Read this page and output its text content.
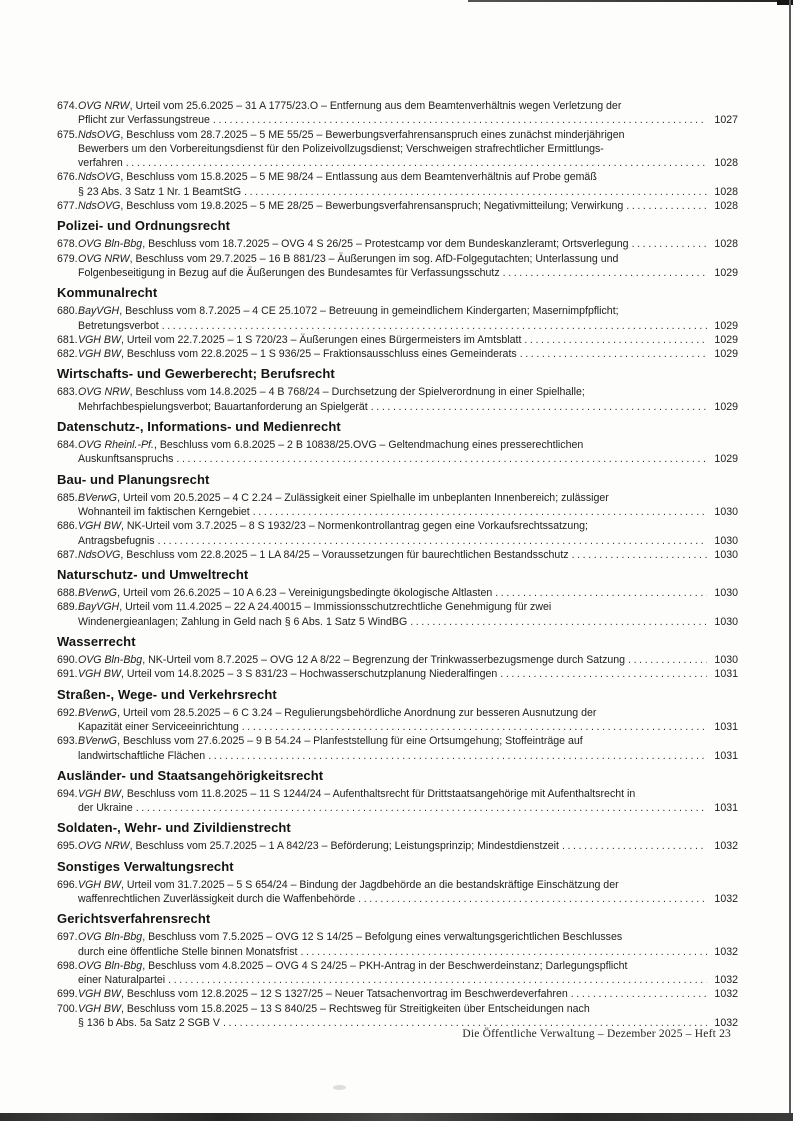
674. OVG NRW , Urteil vom 25.6.2025 – 31 A 1775/23.O – Entfernung aus dem Beamtenverhältnis wegen Verletzung der
Pflicht zur Verfassungstreue .....	1027
675. NdsOVG , Beschluss vom 28.7.2025 – 5 ME 55/25 – Bewerbungsverfahrensanspruch eines zunächst minderjährigen
Bewerbers um den Vorbereitungsdienst für den Polizeivollzugsdienst; Verschweigen strafrechtlicher Ermittlungs-
verfahren .....	1028
676. NdsOVG , Beschluss vom 15.8.2025 – 5 ME 98/24 – Entlassung aus dem Beamtenverhältnis auf Probe gemäß
§ 23 Abs. 3 Satz 1 Nr. 1 BeamtStG .....	1028
677. NdsOVG , Beschluss vom 19.8.2025 – 5 ME 28/25 – Bewerbungsverfahrensanspruch; Negativmitteilung; Verwirkung .....	1028
Polizei- und Ordnungsrecht
678. OVG Bln-Bbg , Beschluss vom 18.7.2025 – OVG 4 S 26/25 – Protestcamp vor dem Bundeskanzleramt; Ortsverlegung .....	1028
679. OVG NRW , Beschluss vom 29.7.2025 – 16 B 881/23 – Äußerungen im sog. AfD-Folgegutachten; Unterlassung und
Folgenbeseitigung in Bezug auf die Äußerungen des Bundesamtes für Verfassungsschutz .....	1029
Kommunalrecht
680. BayVGH , Beschluss vom 8.7.2025 – 4 CE 25.1072 – Betreuung in gemeindlichem Kindergarten; Masernimpfpflicht;
Betretungsverbot .....	1029
681. VGH BW , Urteil vom 22.7.2025 – 1 S 720/23 – Äußerungen eines Bürgermeisters im Amtsblatt .....	1029
682. VGH BW , Beschluss vom 22.8.2025 – 1 S 936/25 – Fraktionsausschluss eines Gemeinderats .....	1029
Wirtschafts- und Gewerberecht; Berufsrecht
683. OVG NRW , Beschluss vom 14.8.2025 – 4 B 768/24 – Durchsetzung der Spielverordnung in einer Spielhalle;
Mehrfachbespielungsverbot; Bauartanforderung an Spielgerät .....	1029
Datenschutz-, Informations- und Medienrecht
684. OVG Rheinl.-Pf. , Beschluss vom 6.8.2025 – 2 B 10838/25.OVG – Geltendmachung eines presserechtlichen
Auskunftsanspruchs .....	1029
Bau- und Planungsrecht
685. BVerwG , Urteil vom 20.5.2025 – 4 C 2.24 – Zulässigkeit einer Spielhalle im unbeplanten Innenbereich; zulässiger
Wohnanteil im faktischen Kerngebiet .....	1030
686. VGH BW , NK-Urteil vom 3.7.2025 – 8 S 1932/23 – Normenkontrollantrag gegen eine Vorkaufsrechtssatzung;
Antragsbefugnis .....	1030
687. NdsOVG , Beschluss vom 22.8.2025 – 1 LA 84/25 – Voraussetzungen für baurechtlichen Bestandsschutz .....	1030
Naturschutz- und Umweltrecht
688. BVerwG , Urteil vom 26.6.2025 – 10 A 6.23 – Vereinigungsbedingte ökologische Altlasten .....	1030
689. BayVGH , Urteil vom 11.4.2025 – 22 A 24.40015 – Immissionsschutzrechtliche Genehmigung für zwei
Windenergieanlagen; Zahlung in Geld nach § 6 Abs. 1 Satz 5 WindBG .....	1030
Wasserrecht
690. OVG Bln-Bbg , NK-Urteil vom 8.7.2025 – OVG 12 A 8/22 – Begrenzung der Trinkwasserbezugsmenge durch Satzung .....	1030
691. VGH BW , Urteil vom 14.8.2025 – 3 S 831/23 – Hochwasserschutzplanung Niederalfingen .....	1031
Straßen-, Wege- und Verkehrsrecht
692. BVerwG , Urteil vom 28.5.2025 – 6 C 3.24 – Regulierungsbehördliche Anordnung zur besseren Ausnutzung der
Kapazität einer Serviceeinrichtung .....	1031
693. BVerwG , Beschluss vom 27.6.2025 – 9 B 54.24 – Planfeststellung für eine Ortsumgehung; Stoffeinträge auf
landwirtschaftliche Flächen .....	1031
Ausländer- und Staatsangehörigkeitsrecht
694. VGH BW , Beschluss vom 11.8.2025 – 11 S 1244/24 – Aufenthaltsrecht für Drittstaatsangehörige mit Aufenthaltsrecht in
der Ukraine .....	1031
Soldaten-, Wehr- und Zivildienstrecht
695. OVG NRW , Beschluss vom 25.7.2025 – 1 A 842/23 – Beförderung; Leistungsprinzip; Mindestdienstzeit .....	1032
Sonstiges Verwaltungsrecht
696. VGH BW , Urteil vom 31.7.2025 – 5 S 654/24 – Bindung der Jagdbehörde an die bestandskräftige Einschätzung der
waffenrechtlichen Zuverlässigkeit durch die Waffenbehörde .....	1032
Gerichtsverfahrensrecht
697. OVG Bln-Bbg , Beschluss vom 7.5.2025 – OVG 12 S 14/25 – Befolgung eines verwaltungsgerichtlichen Beschlusses
durch eine öffentliche Stelle binnen Monatsfrist .....	1032
698. OVG Bln-Bbg , Beschluss vom 4.8.2025 – OVG 4 S 24/25 – PKH-Antrag in der Beschwerdeinstanz; Darlegungspflicht
einer Naturalpartei .....	1032
699. VGH BW , Beschluss vom 12.8.2025 – 12 S 1327/25 – Neuer Tatsachenvortrag im Beschwerdeverfahren .....	1032
700. VGH BW , Beschluss vom 15.8.2025 – 13 S 840/25 – Rechtsweg für Streitigkeiten über Entscheidungen nach
§ 136 b Abs. 5a Satz 2 SGB V .....	1032
Die Öffentliche Verwaltung – Dezember 2025 – Heft 23
